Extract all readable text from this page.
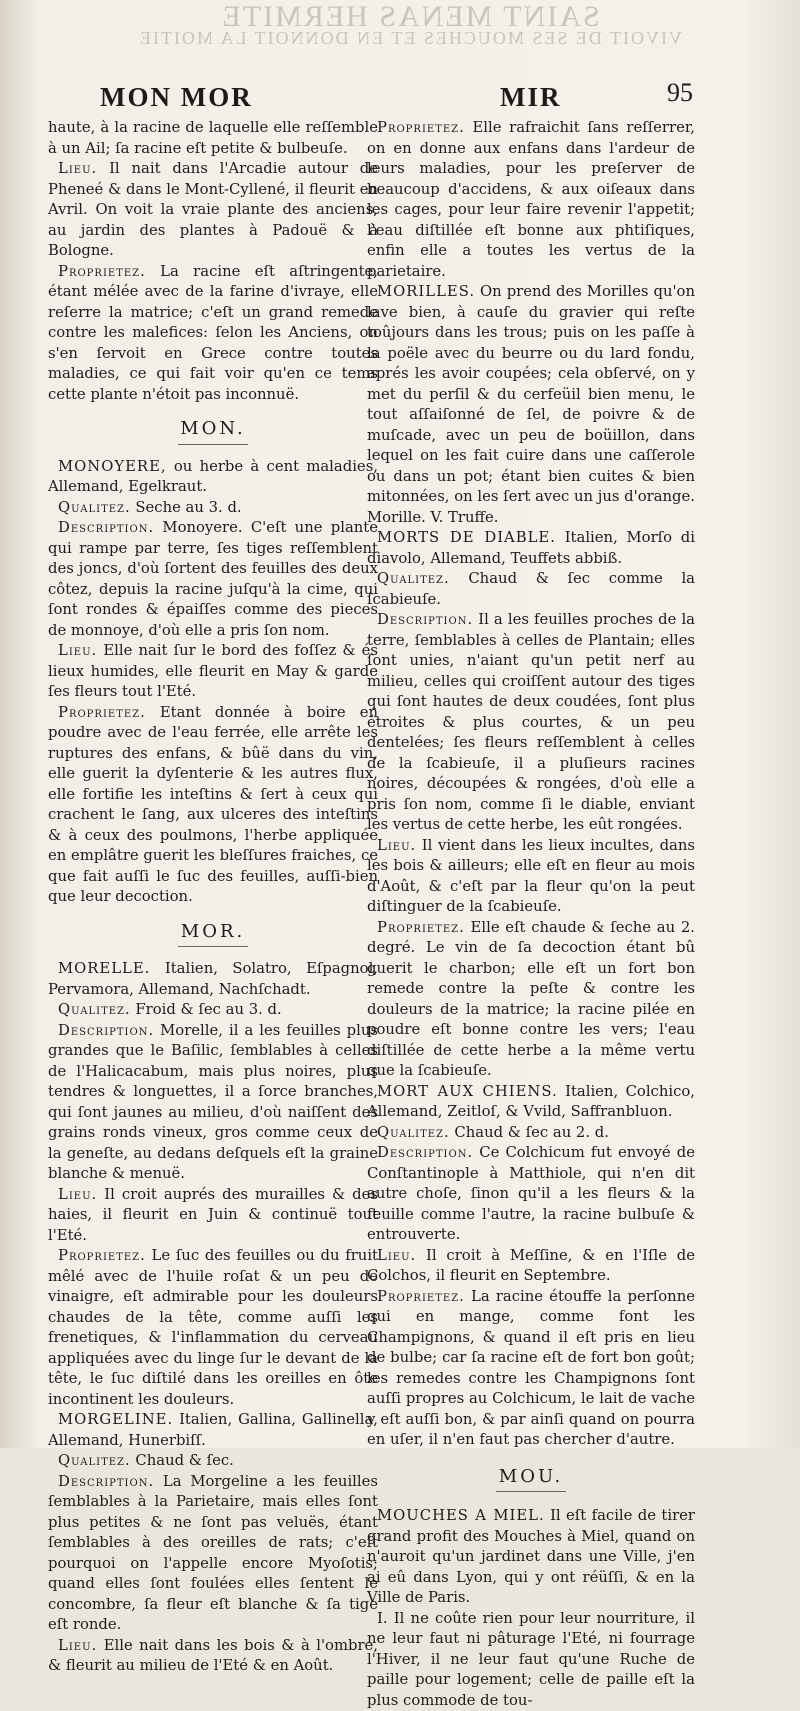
SAINT MENAS HERMITE
VIVOIT DE SES MOUCHES ET EN DONNOIT LA MOITIE
MON MOR	MIR	95

haute, à la racine de laquelle elle reſſemble à un Ail; ſa racine eſt petite & bulbeuſe.

Lieu. Il nait dans l'Arcadie autour de Pheneé & dans le Mont-Cyllené, il fleurit en Avril. On voit la vraie plante des anciens, au jardin des plantes à Padouë & à Bologne.

Proprietez. La racine eſt aſtringente, étant mélée avec de la farine d'ivraye, elle reſerre la matrice; c'eſt un grand remede contre les malefices: ſelon les Anciens, on s'en ſervoit en Grece contre toutes maladies, ce qui fait voir qu'en ce tems cette plante n'étoit pas inconnuë.

MON.

MONOYERE, ou herbe à cent maladies, Allemand, Egelkraut.

Qualitez. Seche au 3. d.

Description. Monoyere. C'eſt une plante qui rampe par terre, ſes tiges reſſemblent des joncs, d'où ſortent des feuilles des deux côtez, depuis la racine juſqu'à la cime, qui ſont rondes & épaiſſes comme des pieces de monnoye, d'où elle a pris ſon nom.

Lieu. Elle nait ſur le bord des foſſez & és lieux humides, elle fleurit en May & garde ſes fleurs tout l'Eté.

Proprietez. Etant donnée à boire en poudre avec de l'eau ferrée, elle arrête les ruptures des enfans, & bûë dans du vin, elle guerit la dyſenterie & les autres flux, elle fortifie les inteſtins & ſert à ceux qui crachent le ſang, aux ulceres des inteſtins & à ceux des poulmons, l'herbe appliquée en emplâtre guerit les bleſſures fraiches, ce que fait auſſi le ſuc des feuilles, auſſi-bien que leur decoction.

MOR.

MORELLE. Italien, Solatro, Eſpagnol, Pervamora, Allemand, Nachſchadt.

Qualitez. Froid & ſec au 3. d.

Description. Morelle, il a les feuilles plus grandes que le Baſilic, ſemblables à celles de l'Halicacabum, mais plus noires, plus tendres & longuettes, il a ſorce branches, qui ſont jaunes au milieu, d'où naiſſent des grains ronds vineux, gros comme ceux de la geneſte, au dedans deſquels eſt la graine blanche & menuë.

Lieu. Il croit auprés des murailles & des haies, il fleurit en Juin & continuë tout l'Eté.

Proprietez. Le ſuc des feuilles ou du fruit mêlé avec de l'huile roſat & un peu de vinaigre, eſt admirable pour les douleurs chaudes de la tête, comme auſſi les frenetiques, & l'inflammation du cerveau appliquées avec du linge ſur le devant de la tête, le ſuc diſtilé dans les oreilles en ôte incontinent les douleurs.

MORGELINE. Italien, Gallina, Gallinella, Allemand, Hunerbiſſ.

Qualitez. Chaud & ſec.

Description. La Morgeline a les feuilles ſemblables à la Parietaire, mais elles ſont plus petites & ne ſont pas veluës, étant ſemblables à des oreilles de rats; c'eſt pourquoi on l'appelle encore Myoſotis; quand elles ſont foulées elles ſentent le concombre, ſa fleur eſt blanche & ſa tige eſt ronde.

Lieu. Elle nait dans les bois & à l'ombre, & fleurit au milieu de l'Eté & en Août.

Proprietez. Elle rafraichit ſans reſſerrer, on en donne aux enfans dans l'ardeur de leurs maladies, pour les preſerver de beaucoup d'accidens, & aux oiſeaux dans les cages, pour leur faire revenir l'appetit; l'eau diſtillée eſt bonne aux phtiſiques, enfin elle a toutes les vertus de la parietaire.

MORILLES. On prend des Morilles qu'on lave bien, à cauſe du gravier qui reſte toûjours dans les trous; puis on les paſſe à la poële avec du beurre ou du lard fondu, aprés les avoir coupées; cela obſervé, on y met du perſil & du cerfeüil bien menu, le tout aſſaiſonné de ſel, de poivre & de muſcade, avec un peu de boüillon, dans lequel on les fait cuire dans une caſſerole ou dans un pot; étant bien cuites & bien mitonnées, on les ſert avec un jus d'orange. Morille. V. Truffe.

MORTS DE DIABLE. Italien, Morſo di diavolo, Allemand, Teuffets abbiß.

Qualitez. Chaud & ſec comme la ſcabieuſe.

Description. Il a les feuilles proches de la terre, ſemblables à celles de Plantain; elles ſont unies, n'aiant qu'un petit nerf au milieu, celles qui croiſſent autour des tiges qui ſont hautes de deux coudées, ſont plus étroites & plus courtes, & un peu dentelées; ſes fleurs reſſemblent à celles de la ſcabieuſe, il a pluſieurs racines noires, découpées & rongées, d'où elle a pris ſon nom, comme ſi le diable, enviant les vertus de cette herbe, les eût rongées.

Lieu. Il vient dans les lieux incultes, dans les bois & ailleurs; elle eſt en fleur au mois d'Août, & c'eſt par la fleur qu'on la peut diſtinguer de la ſcabieuſe.

Proprietez. Elle eſt chaude & ſeche au 2. degré. Le vin de ſa decoction étant bû guerit le charbon; elle eſt un fort bon remede contre la peſte & contre les douleurs de la matrice; la racine pilée en poudre eſt bonne contre les vers; l'eau diſtillée de cette herbe a la même vertu que la ſcabieuſe.

MORT AUX CHIENS. Italien, Colchico, Allemand, Zeitloſ, & Vvild, Saffranbluon.

Qualitez. Chaud & ſec au 2. d.

Description. Ce Colchicum fut envoyé de Conſtantinople à Matthiole, qui n'en dit autre choſe, ſinon qu'il a les fleurs & la feuille comme l'autre, la racine bulbuſe & entrouverte.

Lieu. Il croit à Meſſine, & en l'Iſle de Colchos, il fleurit en Septembre.

Proprietez. La racine étouffe la perſonne qui en mange, comme font les Champignons, & quand il eſt pris en lieu de bulbe; car ſa racine eſt de fort bon goût; les remedes contre les Champignons ſont auſſi propres au Colchicum, le lait de vache y eſt auſſi bon, & par ainſi quand on pourra en uſer, il n'en faut pas chercher d'autre.

MOU.

MOUCHES A MIEL. Il eſt facile de tirer grand profit des Mouches à Miel, quand on n'auroit qu'un jardinet dans une Ville, j'en ai eû dans Lyon, qui y ont réüſſi, & en la Ville de Paris.

I. Il ne coûte rien pour leur nourriture, il ne leur faut ni pâturage l'Eté, ni fourrage l'Hiver, il ne leur faut qu'une Ruche de paille pour logement; celle de paille eſt la plus commode de tou-
